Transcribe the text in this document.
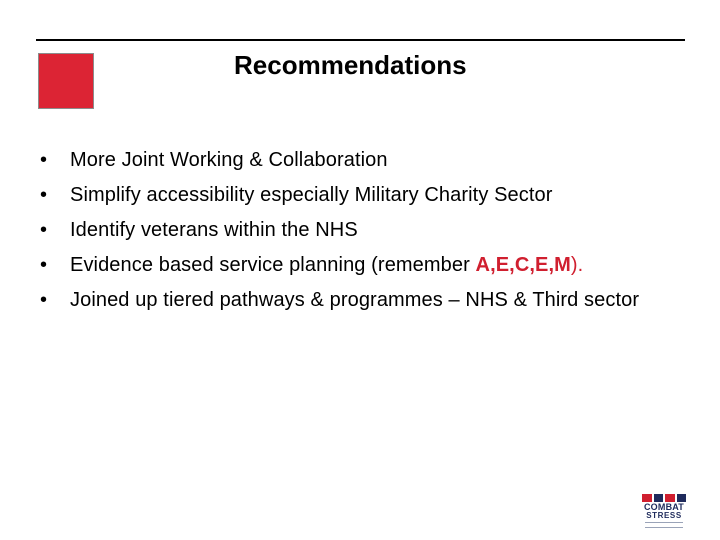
Recommendations
•	More Joint Working & Collaboration
•	Simplify accessibility especially Military Charity Sector
•	Identify veterans within the NHS
•	Evidence based service planning (remember A,E,C,E,M).
•	Joined up tiered pathways & programmes – NHS & Third sector
COMBAT
STRESS
